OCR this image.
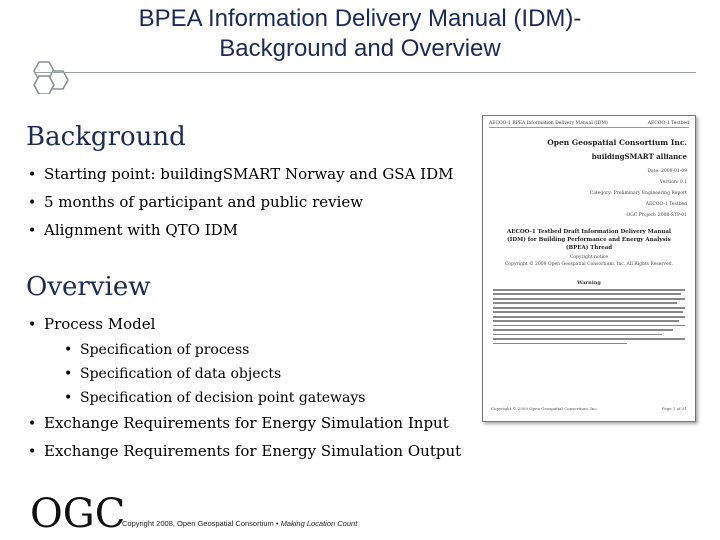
BPEA Information Delivery Manual (IDM)-
Background and Overview
Background
• Starting point: buildingSMART Norway and GSA IDM
• 5 months of participant and public review
• Alignment with QTO IDM
Overview
• Process Model
• Specification of process
• Specification of data objects
• Specification of decision point gateways
• Exchange Requirements for Energy Simulation Input
• Exchange Requirements for Energy Simulation Output
AECOO-1 BPEA Information Delivery Manual (IDM)	AECOO-1 Testbed
Open Geospatial Consortium Inc.
buildingSMART alliance
Date: 2009-01-09
Version: 0.1
Category: Preliminary Engineering Report
AECOO-1 Testbed
OGC Project: 2008-STP-01
AECOO-1 Testbed Draft Information Delivery Manual (IDM) for Building Performance and Energy Analysis (BPEA) Thread
Copyright notice
Copyright © 2009 Open Geospatial Consortium, Inc. All Rights Reserved.
Warning
Copyright © 2009 Open Geospatial Consortium, Inc.	Page 1 of 31
OGC
Copyright 2008, Open Geospatial Consortium • Making Location Count
